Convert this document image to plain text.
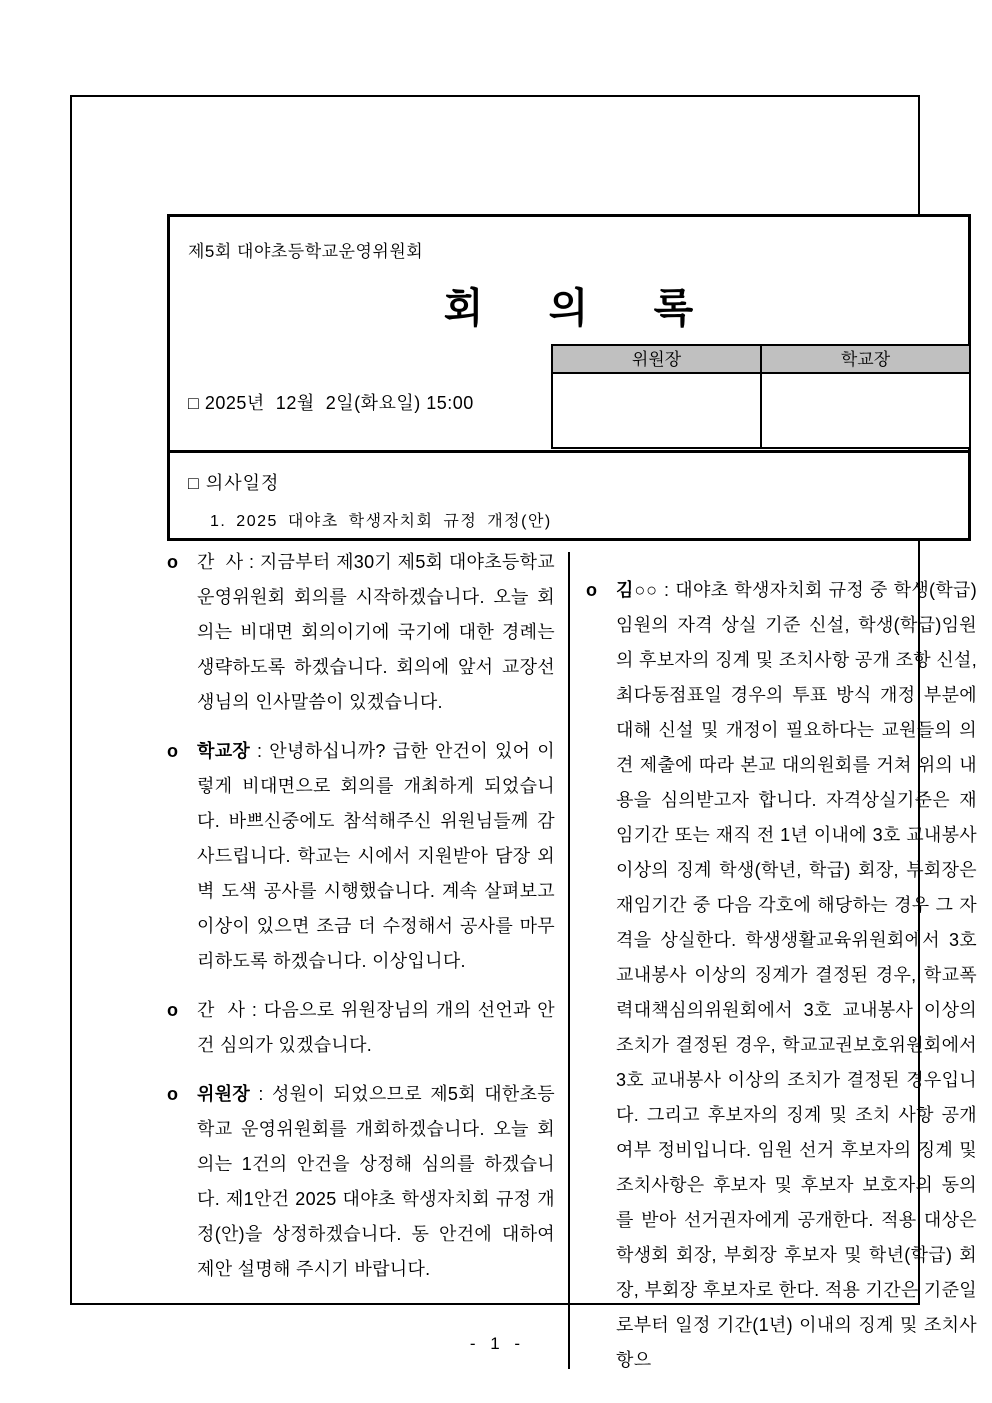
제5회 대야초등학교운영위원회
회 의 록
위원장	학교장
□ 2025년  12월  2일(화요일) 15:00
□ 의사일정
1. 2025 대야초 학생자치회 규정 개정(안)

o 간  사 : 지금부터 제30기 제5회 대야초등학교운영위원회 회의를 시작하겠습니다. 오늘 회의는 비대면 회의이기에 국기에 대한 경례는 생략하도록 하겠습니다. 회의에 앞서 교장선생님의 인사말씀이 있겠습니다.

o 학교장 : 안녕하십니까? 급한 안건이 있어 이렇게 비대면으로 회의를 개최하게 되었습니다. 바쁘신중에도 참석해주신 위원님들께 감사드립니다. 학교는 시에서 지원받아 담장 외벽 도색 공사를 시행했습니다. 계속 살펴보고 이상이 있으면 조금 더 수정해서 공사를 마무리하도록 하겠습니다. 이상입니다.

o 간  사 : 다음으로 위원장님의 개의 선언과 안건 심의가 있겠습니다.

o 위원장 : 성원이 되었으므로 제5회 대한초등학교 운영위원회를 개회하겠습니다. 오늘 회의는 1건의 안건을 상정해 심의를 하겠습니다. 제1안건 2025 대야초 학생자치회 규정 개정(안)을 상정하겠습니다. 동 안건에 대하여 제안 설명해 주시기 바랍니다.

o 김○○ : 대야초 학생자치회 규정 중 학생(학급)임원의 자격 상실 기준 신설, 학생(학급)임원의 후보자의 징계 및 조치사항 공개 조항 신설, 최다동점표일 경우의 투표 방식 개정 부분에 대해 신설 및 개정이 필요하다는 교원들의 의견 제출에 따라 본교 대의원회를 거쳐 위의 내용을 심의받고자 합니다. 자격상실기준은 재임기간 또는 재직 전 1년 이내에 3호 교내봉사 이상의 징계 학생(학년, 학급) 회장, 부회장은 재임기간 중 다음 각호에 해당하는 경우 그 자격을 상실한다. 학생생활교육위원회에서 3호 교내봉사 이상의 징계가 결정된 경우, 학교폭력대책심의위원회에서 3호 교내봉사 이상의 조치가 결정된 경우, 학교교권보호위원회에서 3호 교내봉사 이상의 조치가 결정된 경우입니다. 그리고 후보자의 징계 및 조치 사항 공개 여부 정비입니다. 임원 선거 후보자의 징계 및 조치사항은 후보자 및 후보자 보호자의 동의를 받아 선거권자에게 공개한다. 적용 대상은 학생회 회장, 부회장 후보자 및 학년(학급) 회장, 부회장 후보자로 한다. 적용 기간은 기준일로부터 일정 기간(1년) 이내의 징계 및 조치사항으

- 1 -
